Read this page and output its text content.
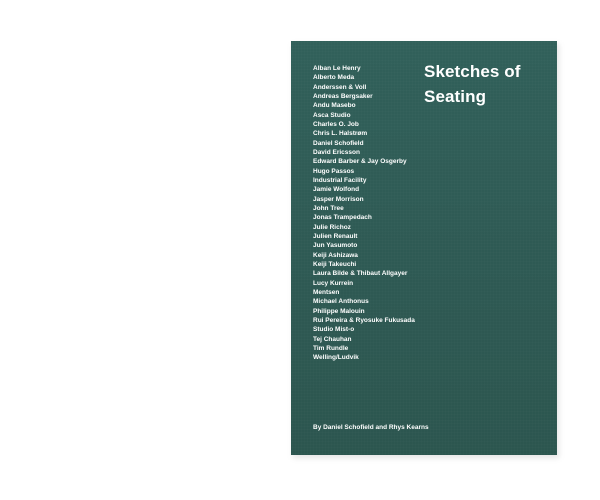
Sketches of
Seating
Alban Le Henry
Alberto Meda
Anderssen & Voll
Andreas Bergsaker
Andu Masebo
Asca Studio
Charles O. Job
Chris L. Halstrøm
Daniel Schofield
David Ericsson
Edward Barber & Jay Osgerby
Hugo Passos
Industrial Facility
Jamie Wolfond
Jasper Morrison
John Tree
Jonas Trampedach
Julie Richoz
Julien Renault
Jun Yasumoto
Keiji Ashizawa
Keiji Takeuchi
Laura Bilde & Thibaut Allgayer
Lucy Kurrein
Mentsen
Michael Anthonus
Philippe Malouin
Rui Pereira & Ryosuke Fukusada
Studio Mist-o
Tej Chauhan
Tim Rundle
Welling/Ludvik
By Daniel Schofield and Rhys Kearns
